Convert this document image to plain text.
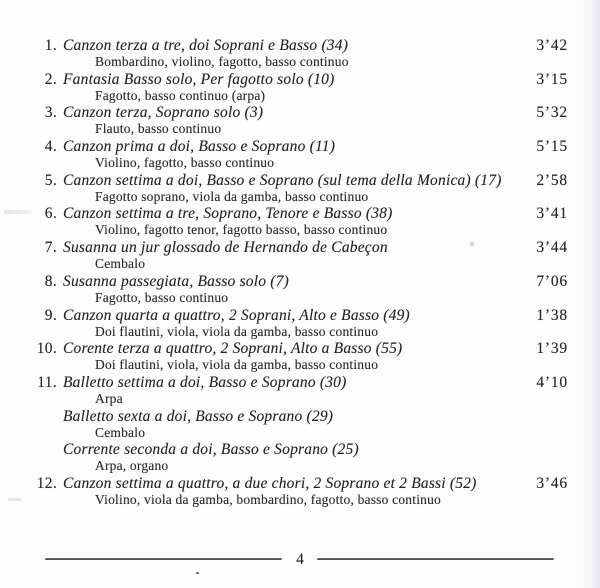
1. Canzon terza a tre, doi Soprani e Basso (34)	3’42
Bombardino, violino, fagotto, basso continuo
2. Fantasia Basso solo, Per fagotto solo (10)	3’15
Fagotto, basso continuo (arpa)
3. Canzon terza, Soprano solo (3)	5’32
Flauto, basso continuo
4. Canzon prima a doi, Basso e Soprano (11)	5’15
Violino, fagotto, basso continuo
5. Canzon settima a doi, Basso e Soprano (sul tema della Monica) (17) 2’58
Fagotto soprano, viola da gamba, basso continuo
6. Canzon settima a tre, Soprano, Tenore e Basso (38)	3’41
Violino, fagotto tenor, fagotto basso, basso continuo
7. Susanna un jur glossado de Hernando de Cabeçon	3’44
Cembalo
8. Susanna passegiata, Basso solo (7)	7’06
Fagotto, basso continuo
9. Canzon quarta a quattro, 2 Soprani, Alto e Basso (49)	1’38
Doi flautini, viola, viola da gamba, basso continuo
10. Corente terza a quattro, 2 Soprani, Alto a Basso (55)	1’39
Doi flautini, viola, viola da gamba, basso continuo
11. Balletto settima a doi, Basso e Soprano (30)	4’10
Arpa
Balletto sexta a doi, Basso e Soprano (29)
Cembalo
Corrente seconda a doi, Basso e Soprano (25)
Arpa, organo
12. Canzon settima a quattro, a due chori, 2 Soprano et 2 Bassi (52)	3’46
Violino, viola da gamba, bombardino, fagotto, basso continuo
4
